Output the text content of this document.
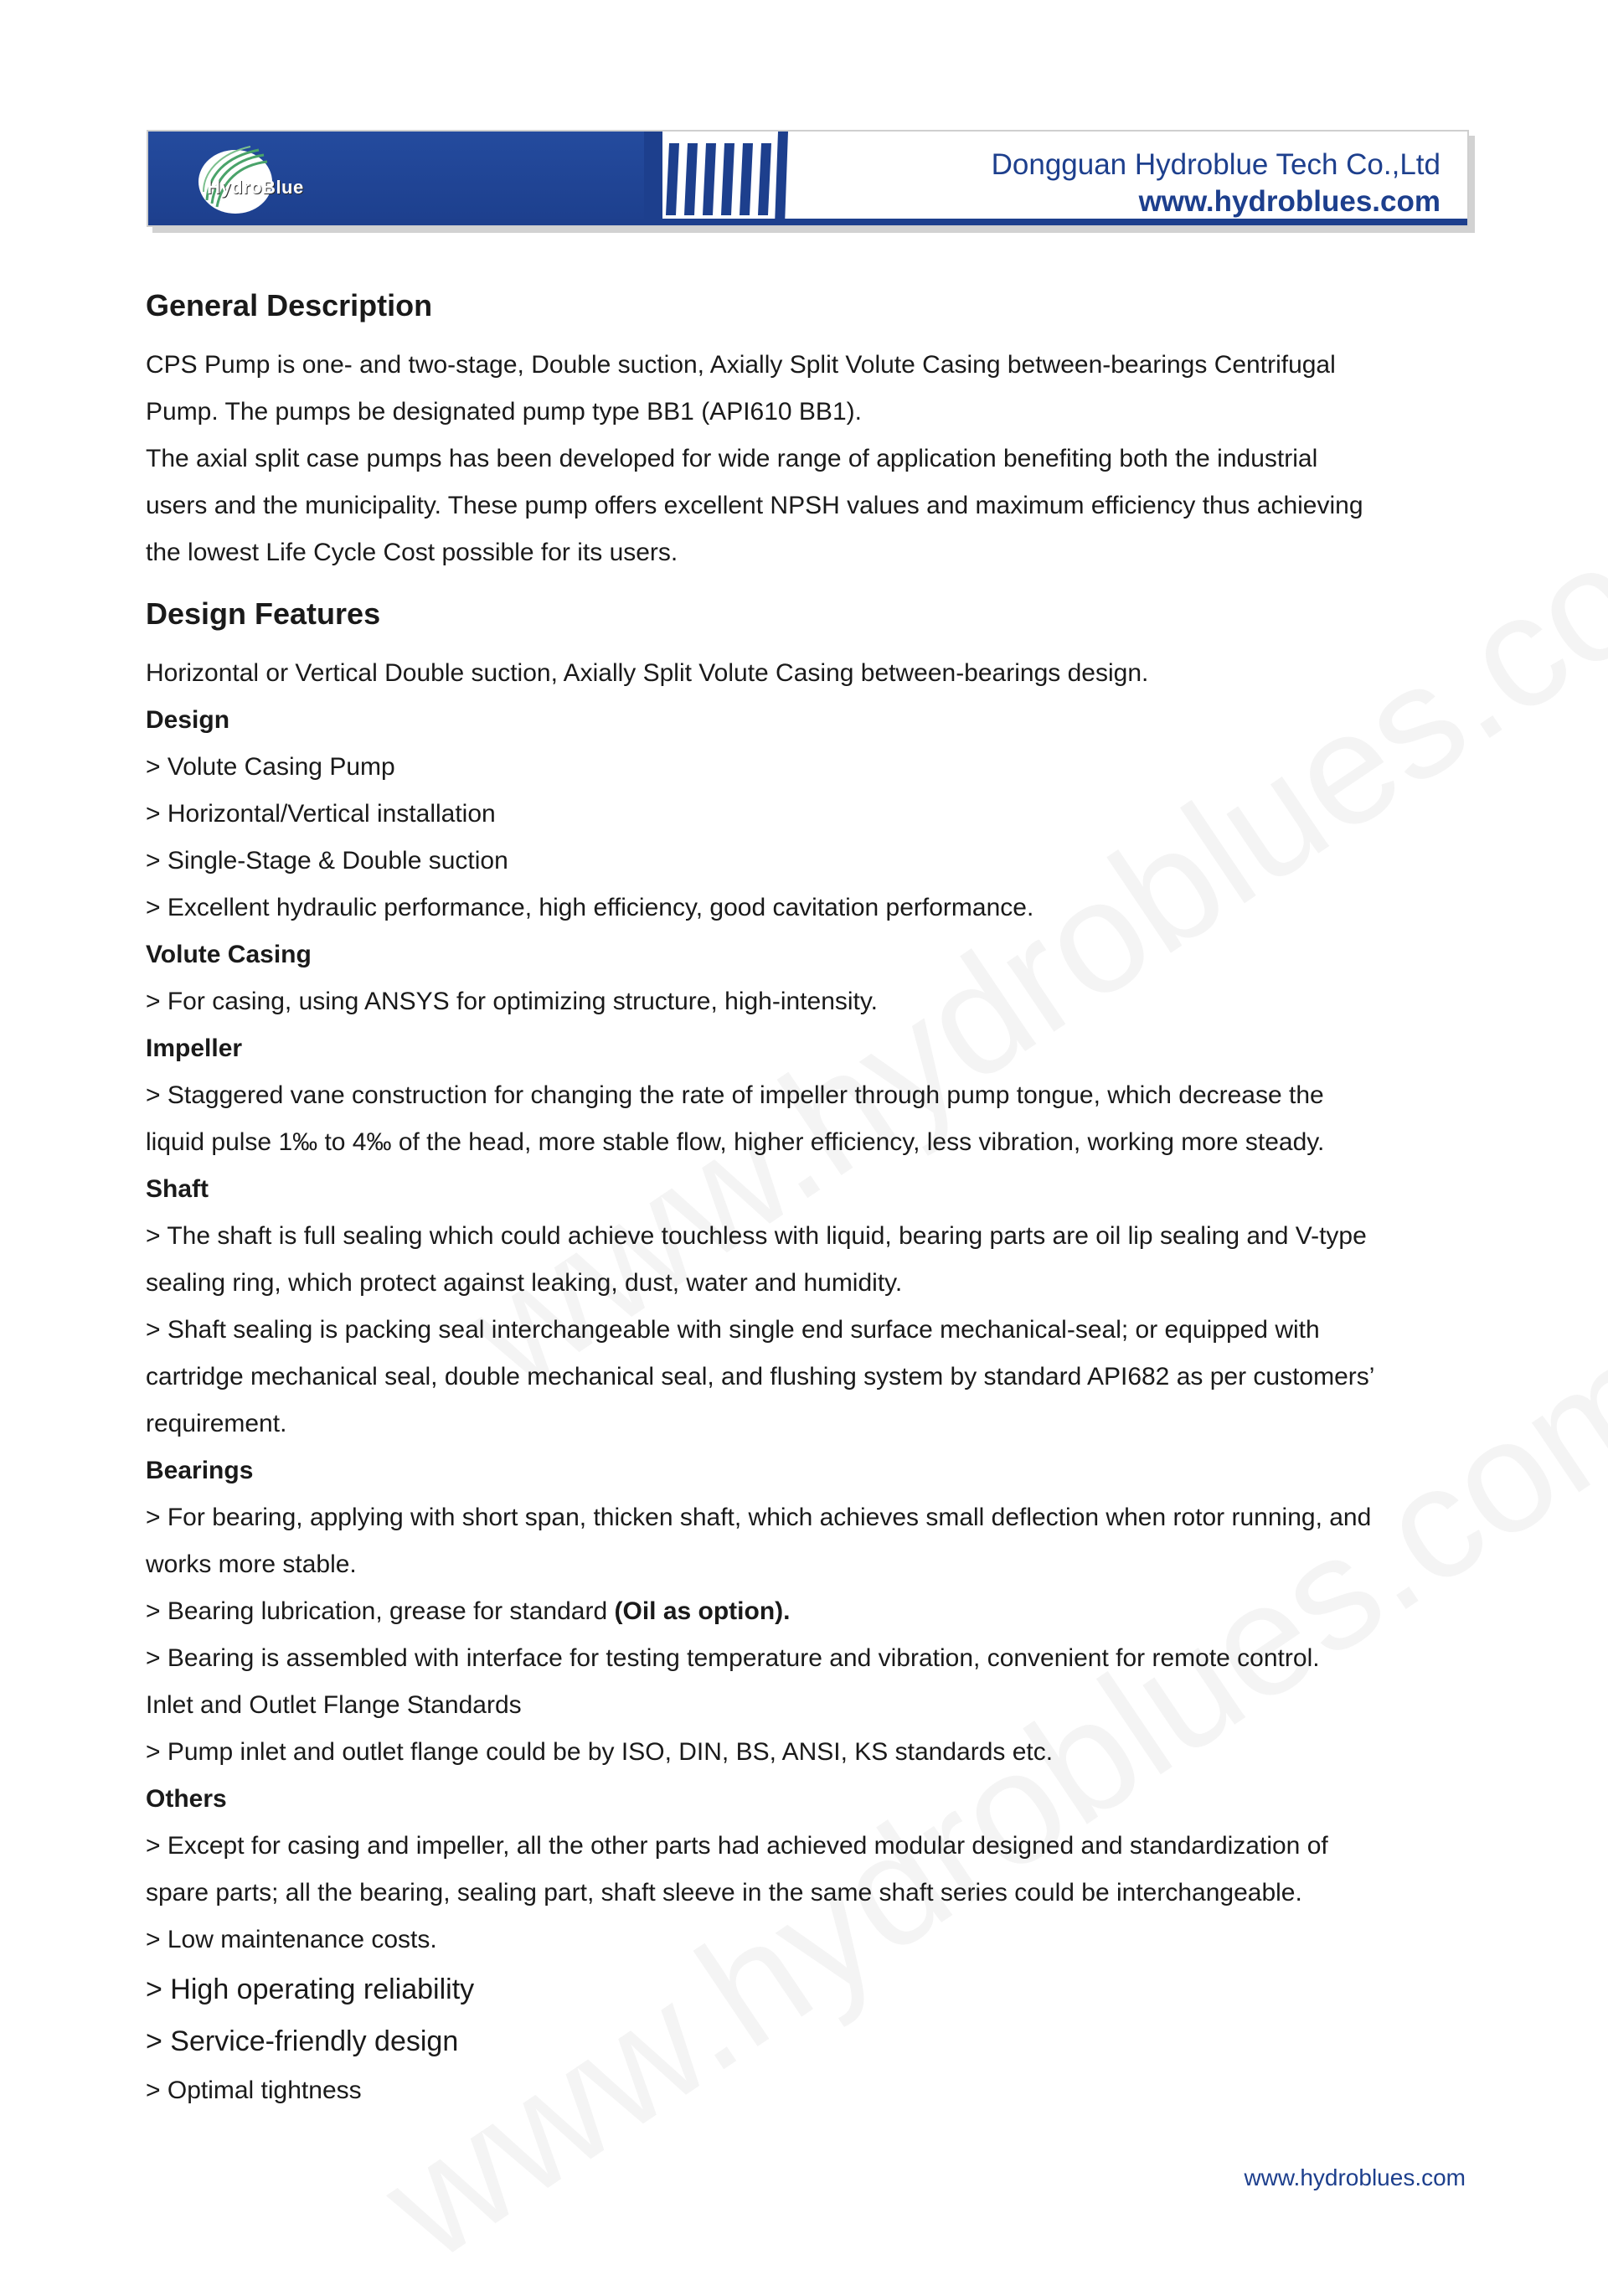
HydroBlue
Dongguan Hydroblue Tech Co.,Ltd
www.hydroblues.com
General Description

CPS Pump is one- and two-stage, Double suction, Axially Split Volute Casing between-bearings Centrifugal

Pump. The pumps be designated pump type BB1 (API610 BB1).

The axial split case pumps has been developed for wide range of application benefiting both the industrial

users and the municipality. These pump offers excellent NPSH values and maximum efficiency thus achieving

the lowest Life Cycle Cost possible for its users.

Design Features

Horizontal or Vertical Double suction, Axially Split Volute Casing between-bearings design.

Design

> Volute Casing Pump

> Horizontal/Vertical installation

> Single-Stage & Double suction

> Excellent hydraulic performance, high efficiency, good cavitation performance.

Volute Casing

> For casing, using ANSYS for optimizing structure, high-intensity.

Impeller

> Staggered vane construction for changing the rate of impeller through pump tongue, which decrease the

liquid pulse 1‰ to 4‰ of the head, more stable flow, higher efficiency, less vibration, working more steady.

Shaft

> The shaft is full sealing which could achieve touchless with liquid, bearing parts are oil lip sealing and V-type

sealing ring, which protect against leaking, dust, water and humidity.

> Shaft sealing is packing seal interchangeable with single end surface mechanical-seal; or equipped with

cartridge mechanical seal, double mechanical seal, and flushing system by standard API682 as per customers’

requirement.

Bearings

> For bearing, applying with short span, thicken shaft, which achieves small deflection when rotor running, and

works more stable.

> Bearing lubrication, grease for standard (Oil as option).

> Bearing is assembled with interface for testing temperature and vibration, convenient for remote control.

Inlet and Outlet Flange Standards

> Pump inlet and outlet flange could be by ISO, DIN, BS, ANSI, KS standards etc.

Others

> Except for casing and impeller, all the other parts had achieved modular designed and standardization of

spare parts; all the bearing, sealing part, shaft sleeve in the same shaft series could be interchangeable.

> Low maintenance costs.

> High operating reliability

> Service-friendly design

> Optimal tightness

www.hydroblues.com
